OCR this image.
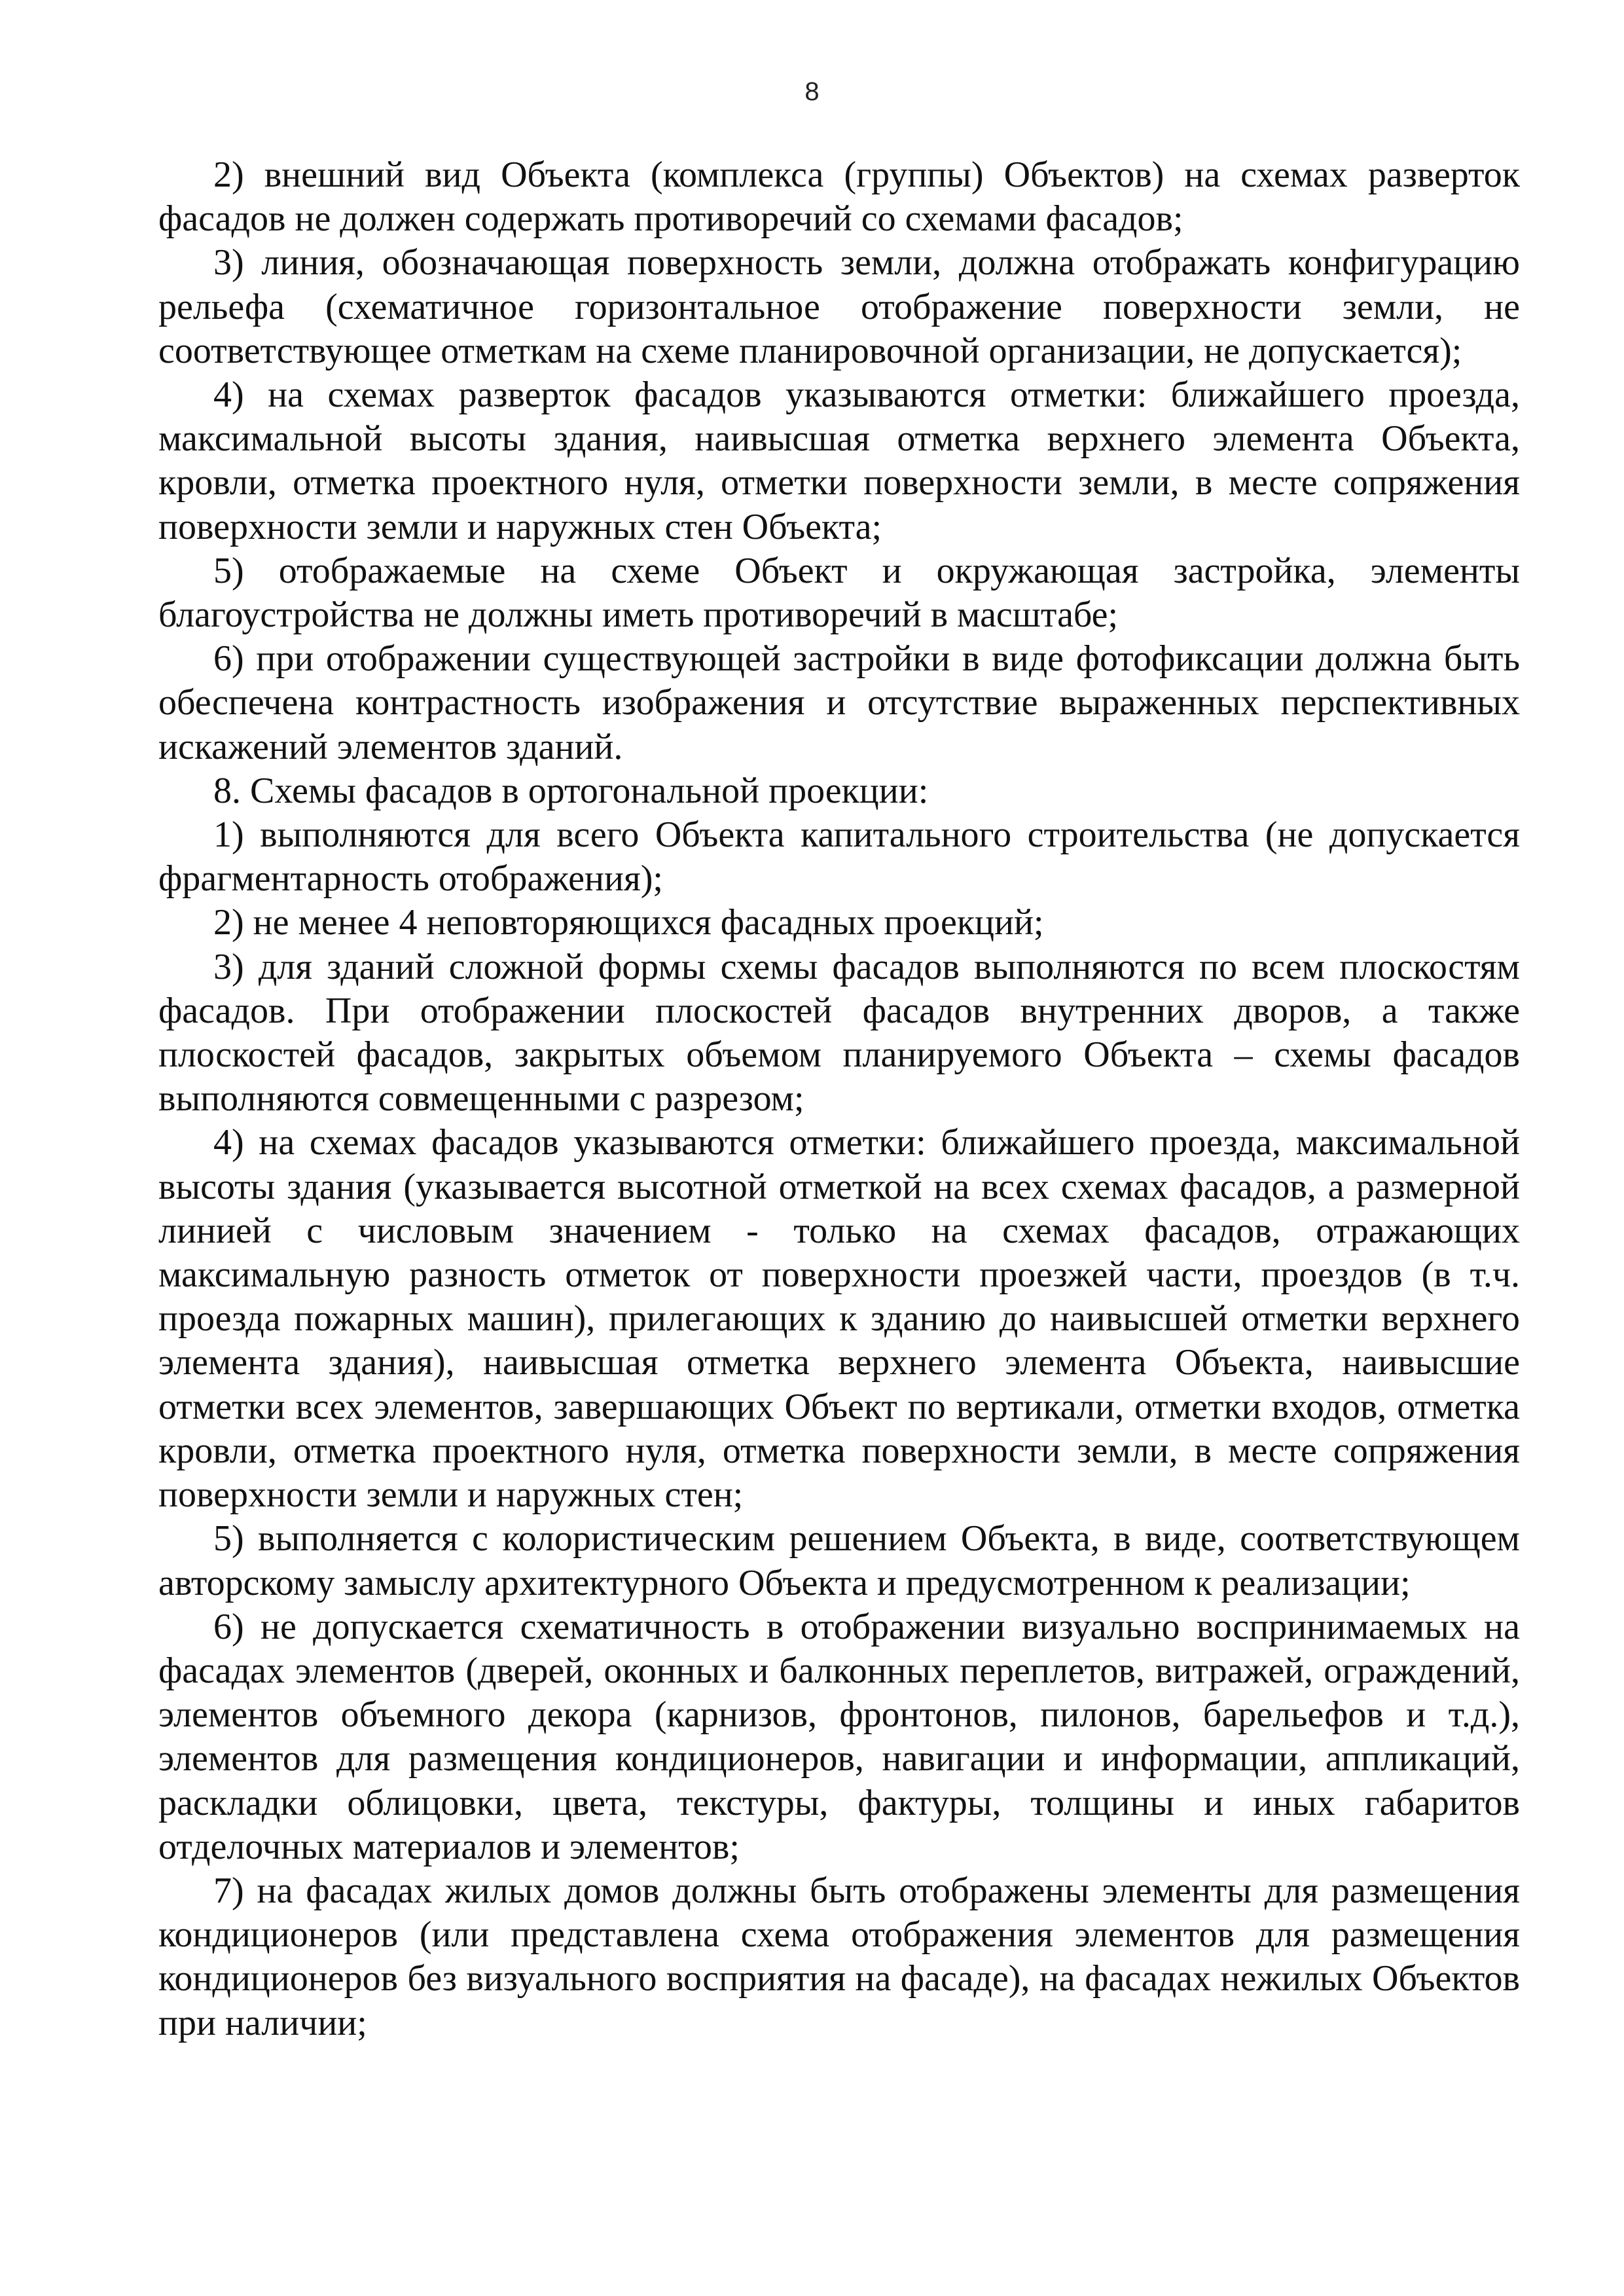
8

2) внешний вид Объекта (комплекса (группы) Объектов) на схемах разверток фасадов не должен содержать противоречий со схемами фасадов;

3) линия, обозначающая поверхность земли, должна отображать конфигурацию рельефа (схематичное горизонтальное отображение поверхности земли, не соответствующее отметкам на схеме планировочной организации, не допускается);

4) на схемах разверток фасадов указываются отметки: ближайшего проезда, максимальной высоты здания, наивысшая отметка верхнего элемента Объекта, кровли, отметка проектного нуля, отметки поверхности земли, в месте сопряжения поверхности земли и наружных стен Объекта;

5) отображаемые на схеме Объект и окружающая застройка, элементы благоустройства не должны иметь противоречий в масштабе;

6) при отображении существующей застройки в виде фотофиксации должна быть обеспечена контрастность изображения и отсутствие выраженных перспективных искажений элементов зданий.

8. Схемы фасадов в ортогональной проекции:

1) выполняются для всего Объекта капитального строительства (не допускается фрагментарность отображения);

2) не менее 4 неповторяющихся фасадных проекций;

3) для зданий сложной формы схемы фасадов выполняются по всем плоскостям фасадов. При отображении плоскостей фасадов внутренних дворов, а также плоскостей фасадов, закрытых объемом планируемого Объекта – схемы фасадов выполняются совмещенными с разрезом;

4) на схемах фасадов указываются отметки: ближайшего проезда, максимальной высоты здания (указывается высотной отметкой на всех схемах фасадов, а размерной линией с числовым значением - только на схемах фасадов, отражающих максимальную разность отметок от поверхности проезжей части, проездов (в т.ч. проезда пожарных машин), прилегающих к зданию до наивысшей отметки верхнего элемента здания), наивысшая отметка верхнего элемента Объекта, наивысшие отметки всех элементов, завершающих Объект по вертикали, отметки входов, отметка кровли, отметка проектного нуля, отметка поверхности земли, в месте сопряжения поверхности земли и наружных стен;

5) выполняется с колористическим решением Объекта, в виде, соответствующем авторскому замыслу архитектурного Объекта и предусмотренном к реализации;

6) не допускается схематичность в отображении визуально воспринимаемых на фасадах элементов (дверей, оконных и балконных переплетов, витражей, ограждений, элементов объемного декора (карнизов, фронтонов, пилонов, барельефов и т.д.), элементов для размещения кондиционеров, навигации и информации, аппликаций, раскладки облицовки, цвета, текстуры, фактуры, толщины и иных габаритов отделочных материалов и элементов;

7) на фасадах жилых домов должны быть отображены элементы для размещения кондиционеров (или представлена схема отображения элементов для размещения кондиционеров без визуального восприятия на фасаде), на фасадах нежилых Объектов при наличии;
